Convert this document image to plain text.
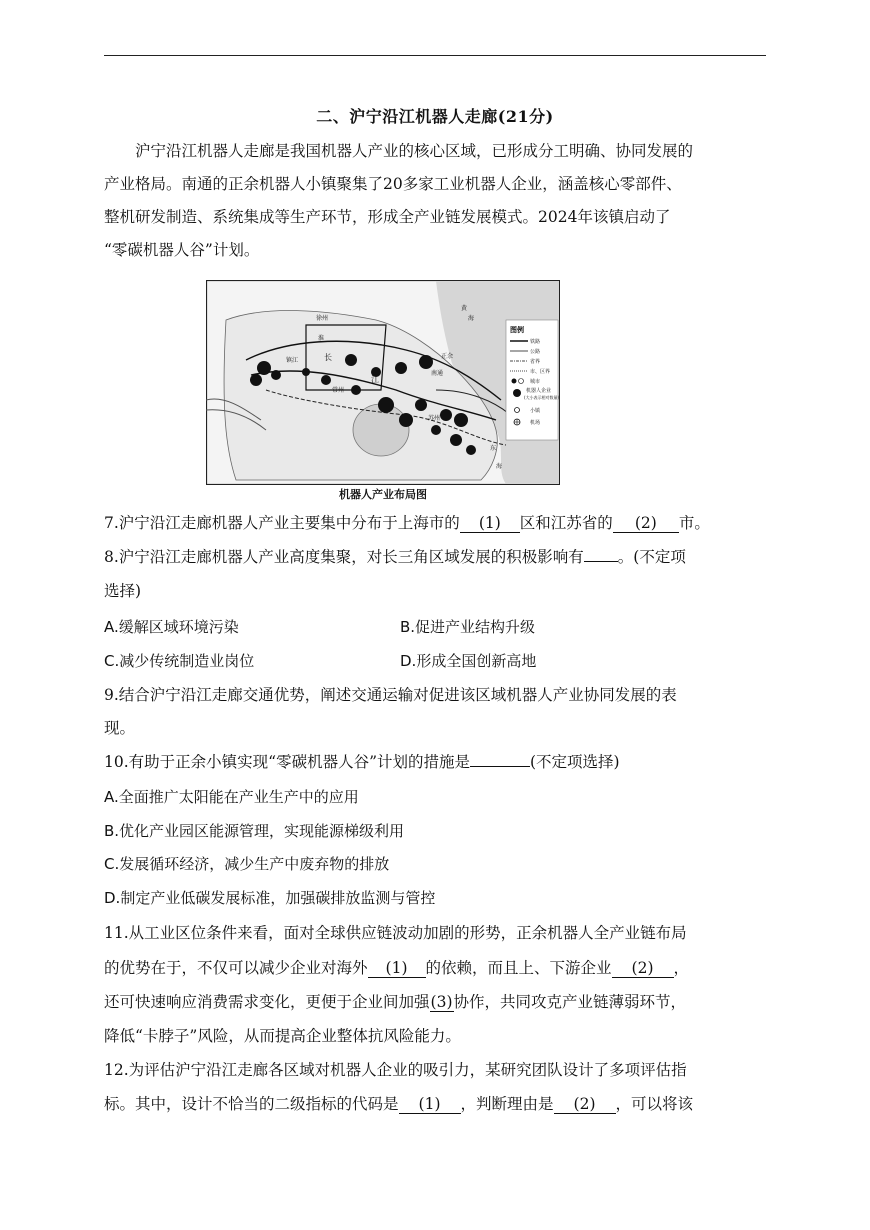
二、沪宁沿江机器人走廊(21分)
沪宁沿江机器人走廊是我国机器人产业的核心区域，已形成分工明确、协同发展的
产业格局。南通的正余机器人小镇聚集了20多家工业机器人企业，涵盖核心零部件、
整机研发制造、系统集成等生产环节，形成全产业链发展模式。2024年该镇启动了
“零碳机器人谷”计划。
图例
铁路
公路
省界
市、区界
城市
机器人企业
(大小表示相对数量)
小镇
机场
黄
海
东
海
徐州
淮
正余
南通
苏州
镇江
常州
江
长
机器人产业布局图
7.沪宁沿江走廊机器人产业主要集中分布于上海市的 (1) 区和江苏省的 (2) 市。
8.沪宁沿江走廊机器人产业高度集聚，对长三角区域发展的积极影响有 。(不定项
选择)
A.缓解区域环境污染	B.促进产业结构升级
C.减少传统制造业岗位	D.形成全国创新高地
9.结合沪宁沿江走廊交通优势，阐述交通运输对促进该区域机器人产业协同发展的表
现。
10.有助于正余小镇实现“零碳机器人谷”计划的措施是	(不定项选择)
A.全面推广太阳能在产业生产中的应用
B.优化产业园区能源管理，实现能源梯级利用
C.发展循环经济，减少生产中废弃物的排放
D.制定产业低碳发展标准，加强碳排放监测与管控
11.从工业区位条件来看，面对全球供应链波动加剧的形势，正余机器人全产业链布局
的优势在于，不仅可以减少企业对海外 (1) 的依赖，而且上、下游企业 (2) ，
还可快速响应消费需求变化，更便于企业间加强(3)协作，共同攻克产业链薄弱环节，
降低“卡脖子”风险，从而提高企业整体抗风险能力。
12.为评估沪宁沿江走廊各区域对机器人企业的吸引力，某研究团队设计了多项评估指
标。其中，设计不恰当的二级指标的代码是 (1) ，判断理由是 (2) ，可以将该
